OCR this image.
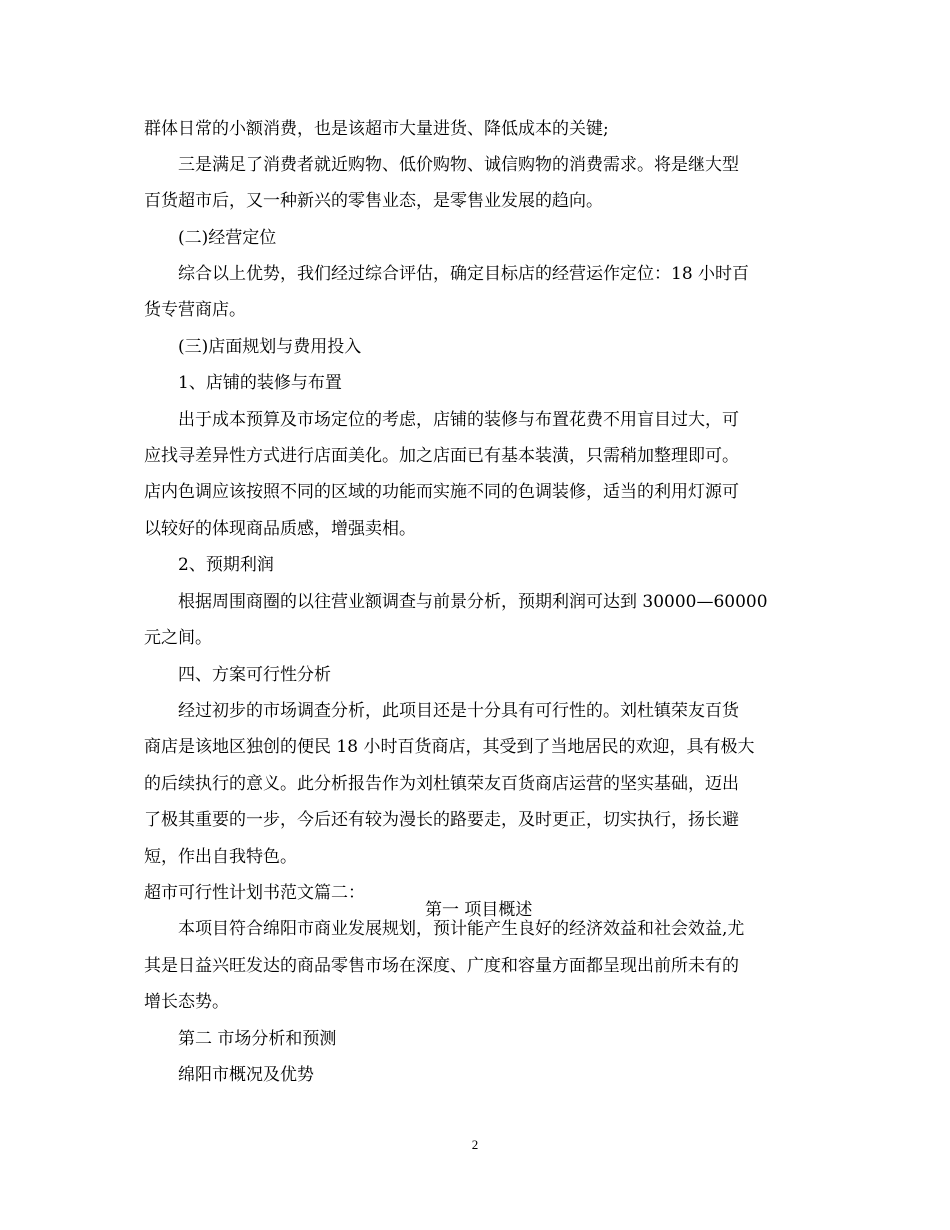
群体日常的小额消费，也是该超市大量进货、降低成本的关键;

三是满足了消费者就近购物、低价购物、诚信购物的消费需求。将是继大型

百货超市后，又一种新兴的零售业态，是零售业发展的趋向。

(二)经营定位

综合以上优势，我们经过综合评估，确定目标店的经营运作定位：18 小时百

货专营商店。

(三)店面规划与费用投入

1、店铺的装修与布置

出于成本预算及市场定位的考虑，店铺的装修与布置花费不用盲目过大，可

应找寻差异性方式进行店面美化。加之店面已有基本装潢，只需稍加整理即可。

店内色调应该按照不同的区域的功能而实施不同的色调装修，适当的利用灯源可

以较好的体现商品质感，增强卖相。

2、预期利润

根据周围商圈的以往营业额调查与前景分析，预期利润可达到 30000—60000

元之间。

四、方案可行性分析

经过初步的市场调查分析，此项目还是十分具有可行性的。刘杜镇荣友百货

商店是该地区独创的便民 18 小时百货商店，其受到了当地居民的欢迎，具有极大

的后续执行的意义。此分析报告作为刘杜镇荣友百货商店运营的坚实基础，迈出

了极其重要的一步，今后还有较为漫长的路要走，及时更正，切实执行，扬长避

短，作出自我特色。

超市可行性计划书范文篇二：

第一 项目概述

本项目符合绵阳市商业发展规划，预计能产生良好的经济效益和社会效益,尤

其是日益兴旺发达的商品零售市场在深度、广度和容量方面都呈现出前所未有的

增长态势。

第二 市场分析和预测

绵阳市概况及优势

2
